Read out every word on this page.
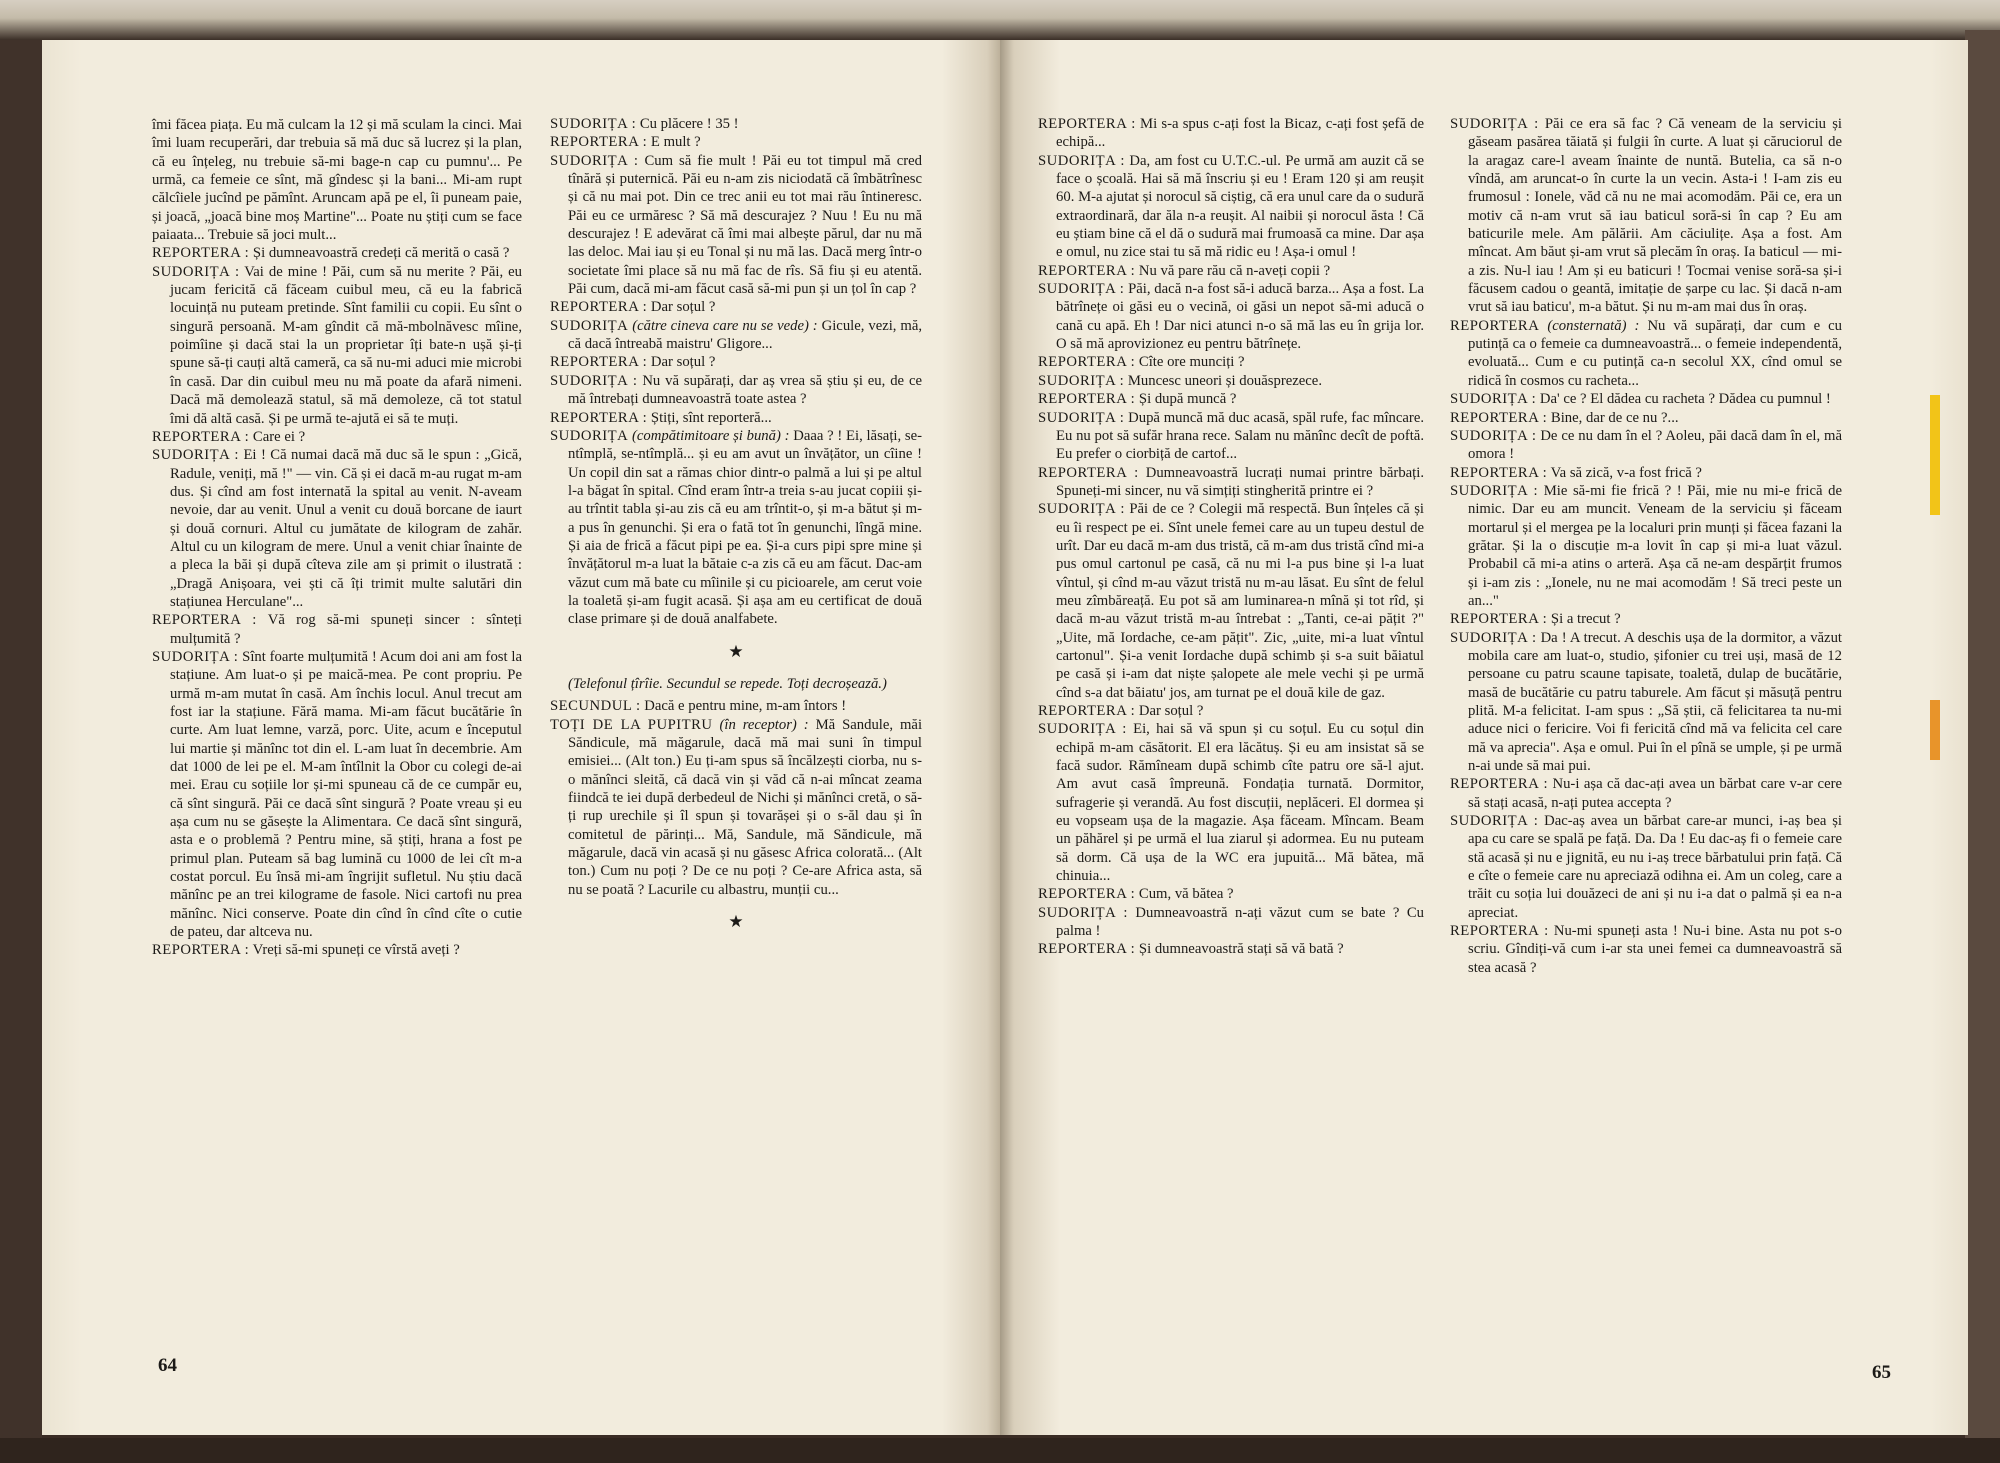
îmi făcea piața. Eu mă culcam la 12 și mă sculam la cinci. Mai îmi luam recuperări, dar trebuia să mă duc să lucrez și la plan, că eu înțeleg, nu trebuie să-mi bage-n cap cu pumnu'... Pe urmă, ca femeie ce sînt, mă gîndesc și la bani... Mi-am rupt călcîiele jucînd pe pămînt. Aruncam apă pe el, îi puneam paie, și joacă, „joacă bine moș Martine"... Poate nu știți cum se face paiaata... Trebuie să joci mult...

REPORTERA : Și dumneavoastră credeți că merită o casă ?

SUDORIȚA : Vai de mine ! Păi, cum să nu merite ? Păi, eu jucam fericită că făceam cuibul meu, că eu la fabrică locuință nu puteam pretinde. Sînt familii cu copii. Eu sînt o singură persoană. M-am gîndit că mă-mbolnăvesc mîine, poimîine și dacă stai la un proprietar îți bate-n ușă și-ți spune să-ți cauți altă cameră, ca să nu-mi aduci mie microbi în casă. Dar din cuibul meu nu mă poate da afară nimeni. Dacă mă demolează statul, să mă demoleze, că tot statul îmi dă altă casă. Și pe urmă te-ajută ei să te muți.

REPORTERA : Care ei ?

SUDORIȚA : Ei ! Că numai dacă mă duc să le spun : „Gică, Radule, veniți, mă !" — vin. Că și ei dacă m-au rugat m-am dus. Și cînd am fost internată la spital au venit. N-aveam nevoie, dar au venit. Unul a venit cu două borcane de iaurt și două cornuri. Altul cu jumătate de kilogram de zahăr. Altul cu un kilogram de mere. Unul a venit chiar înainte de a pleca la băi și după cîteva zile am și primit o ilustrată : „Dragă Anișoara, vei ști că îți trimit multe salutări din stațiunea Herculane"...

REPORTERA : Vă rog să-mi spuneți sincer : sînteți mulțumită ?

SUDORIȚA : Sînt foarte mulțumită ! Acum doi ani am fost la stațiune. Am luat-o și pe maică-mea. Pe cont propriu. Pe urmă m-am mutat în casă. Am închis locul. Anul trecut am fost iar la stațiune. Fără mama. Mi-am făcut bucătărie în curte. Am luat lemne, varză, porc. Uite, acum e începutul lui martie și mănînc tot din el. L-am luat în decembrie. Am dat 1000 de lei pe el. M-am întîlnit la Obor cu colegi de-ai mei. Erau cu soțiile lor și-mi spuneau că de ce cumpăr eu, că sînt singură. Păi ce dacă sînt singură ? Poate vreau și eu așa cum nu se găsește la Alimentara. Ce dacă sînt singură, asta e o problemă ? Pentru mine, să știți, hrana a fost pe primul plan. Puteam să bag lumină cu 1000 de lei cît m-a costat porcul. Eu însă mi-am îngrijit sufletul. Nu știu dacă mănînc pe an trei kilograme de fasole. Nici cartofi nu prea mănînc. Nici conserve. Poate din cînd în cînd cîte o cutie de pateu, dar altceva nu.

REPORTERA : Vreți să-mi spuneți ce vîrstă aveți ?

SUDORIȚA : Cu plăcere ! 35 !

REPORTERA : E mult ?

SUDORIȚA : Cum să fie mult ! Păi eu tot timpul mă cred tînără și puternică. Păi eu n-am zis niciodată că îmbătrînesc și că nu mai pot. Din ce trec anii eu tot mai rău întineresc. Păi eu ce urmăresc ? Să mă descurajez ? Nuu ! Eu nu mă descurajez ! E adevărat că îmi mai albește părul, dar nu mă las deloc. Mai iau și eu Tonal și nu mă las. Dacă merg într-o societate îmi place să nu mă fac de rîs. Să fiu și eu atentă. Păi cum, dacă mi-am făcut casă să-mi pun și un țol în cap ?

REPORTERA : Dar soțul ?

SUDORIȚA (către cineva care nu se vede) : Gicule, vezi, mă, că dacă întreabă maistru' Gligore...

REPORTERA : Dar soțul ?

SUDORIȚA : Nu vă supărați, dar aș vrea să știu și eu, de ce mă întrebați dumneavoastră toate astea ?

REPORTERA : Știți, sînt reporteră...

SUDORIȚA (compătimitoare și bună) : Daaa ? ! Ei, lăsați, se-ntîmplă, se-ntîmplă... și eu am avut un învățător, un cîine ! Un copil din sat a rămas chior dintr-o palmă a lui și pe altul l-a băgat în spital. Cînd eram într-a treia s-au jucat copiii și-au trîntit tabla și-au zis că eu am trîntit-o, și m-a bătut și m-a pus în genunchi. Și era o fată tot în genunchi, lîngă mine. Și aia de frică a făcut pipi pe ea. Și-a curs pipi spre mine și învățătorul m-a luat la bătaie c-a zis că eu am făcut. Dac-am văzut cum mă bate cu mîinile și cu picioarele, am cerut voie la toaletă și-am fugit acasă. Și așa am eu certificat de două clase primare și de două analfabete.

★

(Telefonul țîrîie. Secundul se repede. Toți decroșează.)

SECUNDUL : Dacă e pentru mine, m-am întors !

TOȚI DE LA PUPITRU (în receptor) : Mă Sandule, măi Săndicule, mă măgarule, dacă mă mai suni în timpul emisiei... (Alt ton.) Eu ți-am spus să încălzești ciorba, nu s-o mănînci sleită, că dacă vin și văd că n-ai mîncat zeama fiindcă te iei după derbedeul de Nichi și mănînci cretă, o să-ți rup urechile și îl spun și tovarășei și o s-ăl dau și în comitetul de părinți... Mă, Sandule, mă Săndicule, mă măgarule, dacă vin acasă și nu găsesc Africa colorată... (Alt ton.) Cum nu poți ? De ce nu poți ? Ce-are Africa asta, să nu se poată ? Lacurile cu albastru, munții cu...

★

64

REPORTERA : Mi s-a spus c-ați fost la Bicaz, c-ați fost șefă de echipă...

SUDORIȚA : Da, am fost cu U.T.C.-ul. Pe urmă am auzit că se face o școală. Hai să mă înscriu și eu ! Eram 120 și am reușit 60. M-a ajutat și norocul să ciștig, că era unul care da o sudură extraordinară, dar ăla n-a reușit. Al naibii și norocul ăsta ! Că eu știam bine că el dă o sudură mai frumoasă ca mine. Dar așa e omul, nu zice stai tu să mă ridic eu ! Așa-i omul !

REPORTERA : Nu vă pare rău că n-aveți copii ?

SUDORIȚA : Păi, dacă n-a fost să-i aducă barza... Așa a fost. La bătrînețe oi găsi eu o vecină, oi găsi un nepot să-mi aducă o cană cu apă. Eh ! Dar nici atunci n-o să mă las eu în grija lor. O să mă aprovizionez eu pentru bătrînețe.

REPORTERA : Cîte ore munciți ?

SUDORIȚA : Muncesc uneori și douăsprezece.

REPORTERA : Și după muncă ?

SUDORIȚA : După muncă mă duc acasă, spăl rufe, fac mîncare. Eu nu pot să sufăr hrana rece. Salam nu mănînc decît de poftă. Eu prefer o ciorbiță de cartof...

REPORTERA : Dumneavoastră lucrați numai printre bărbați. Spuneți-mi sincer, nu vă simțiți stingherită printre ei ?

SUDORIȚA : Păi de ce ? Colegii mă respectă. Bun înțeles că și eu îi respect pe ei. Sînt unele femei care au un tupeu destul de urît. Dar eu dacă m-am dus tristă, că m-am dus tristă cînd mi-a pus omul cartonul pe casă, că nu mi l-a pus bine și l-a luat vîntul, și cînd m-au văzut tristă nu m-au lăsat. Eu sînt de felul meu zîmbăreață. Eu pot să am luminarea-n mînă și tot rîd, și dacă m-au văzut tristă m-au întrebat : „Tanti, ce-ai pățit ?" „Uite, mă Iordache, ce-am pățit". Zic, „uite, mi-a luat vîntul cartonul". Și-a venit Iordache după schimb și s-a suit băiatul pe casă și i-am dat niște șalopete ale mele vechi și pe urmă cînd s-a dat băiatu' jos, am turnat pe el două kile de gaz.

REPORTERA : Dar soțul ?

SUDORIȚA : Ei, hai să vă spun și cu soțul. Eu cu soțul din echipă m-am căsătorit. El era lăcătuș. Și eu am insistat să se facă sudor. Rămîneam după schimb cîte patru ore să-l ajut. Am avut casă împreună. Fondația turnată. Dormitor, sufragerie și verandă. Au fost discuții, neplăceri. El dormea și eu vopseam ușa de la magazie. Așa făceam. Mîncam. Beam un păhărel și pe urmă el lua ziarul și adormea. Eu nu puteam să dorm. Că ușa de la WC era jupuită... Mă bătea, mă chinuia...

REPORTERA : Cum, vă bătea ?

SUDORIȚA : Dumneavoastră n-ați văzut cum se bate ? Cu palma !

REPORTERA : Și dumneavoastră stați să vă bată ?

SUDORIȚA : Păi ce era să fac ? Că veneam de la serviciu și găseam pasărea tăiată și fulgii în curte. A luat și căruciorul de la aragaz care-l aveam înainte de nuntă. Butelia, ca să n-o vîndă, am aruncat-o în curte la un vecin. Asta-i ! I-am zis eu frumosul : Ionele, văd că nu ne mai acomodăm. Păi ce, era un motiv că n-am vrut să iau baticul soră-si în cap ? Eu am baticurile mele. Am pălării. Am căciulițe. Așa a fost. Am mîncat. Am băut și-am vrut să plecăm în oraș. Ia baticul — mi-a zis. Nu-l iau ! Am și eu baticuri ! Tocmai venise soră-sa și-i făcusem cadou o geantă, imitație de șarpe cu lac. Și dacă n-am vrut să iau baticu', m-a bătut. Și nu m-am mai dus în oraș.

REPORTERA (consternată) : Nu vă supărați, dar cum e cu putință ca o femeie ca dumneavoastră... o femeie independentă, evoluată... Cum e cu putință ca-n secolul XX, cînd omul se ridică în cosmos cu racheta...

SUDORIȚA : Da' ce ? El dădea cu racheta ? Dădea cu pumnul !

REPORTERA : Bine, dar de ce nu ?...

SUDORIȚA : De ce nu dam în el ? Aoleu, păi dacă dam în el, mă omora !

REPORTERA : Va să zică, v-a fost frică ?

SUDORIȚA : Mie să-mi fie frică ? ! Păi, mie nu mi-e frică de nimic. Dar eu am muncit. Veneam de la serviciu și făceam mortarul și el mergea pe la localuri prin munți și făcea fazani la grătar. Și la o discuție m-a lovit în cap și mi-a luat văzul. Probabil că mi-a atins o arteră. Așa că ne-am despărțit frumos și i-am zis : „Ionele, nu ne mai acomodăm ! Să treci peste un an..."

REPORTERA : Și a trecut ?

SUDORIȚA : Da ! A trecut. A deschis ușa de la dormitor, a văzut mobila care am luat-o, studio, șifonier cu trei uși, masă de 12 persoane cu patru scaune tapisate, toaletă, dulap de bucătărie, masă de bucătărie cu patru taburele. Am făcut și măsuță pentru plită. M-a felicitat. I-am spus : „Să știi, că felicitarea ta nu-mi aduce nici o fericire. Voi fi fericită cînd mă va felicita cel care mă va aprecia". Așa e omul. Pui în el pînă se umple, și pe urmă n-ai unde să mai pui.

REPORTERA : Nu-i așa că dac-ați avea un bărbat care v-ar cere să stați acasă, n-ați putea accepta ?

SUDORIȚA : Dac-aș avea un bărbat care-ar munci, i-aș bea și apa cu care se spală pe față. Da. Da ! Eu dac-aș fi o femeie care stă acasă și nu e jignită, eu nu i-aș trece bărbatului prin față. Că e cîte o femeie care nu apreciază odihna ei. Am un coleg, care a trăit cu soția lui douăzeci de ani și nu i-a dat o palmă și ea n-a apreciat.

REPORTERA : Nu-mi spuneți asta ! Nu-i bine. Asta nu pot s-o scriu. Gîndiți-vă cum i-ar sta unei femei ca dumneavoastră să stea acasă ?

65
